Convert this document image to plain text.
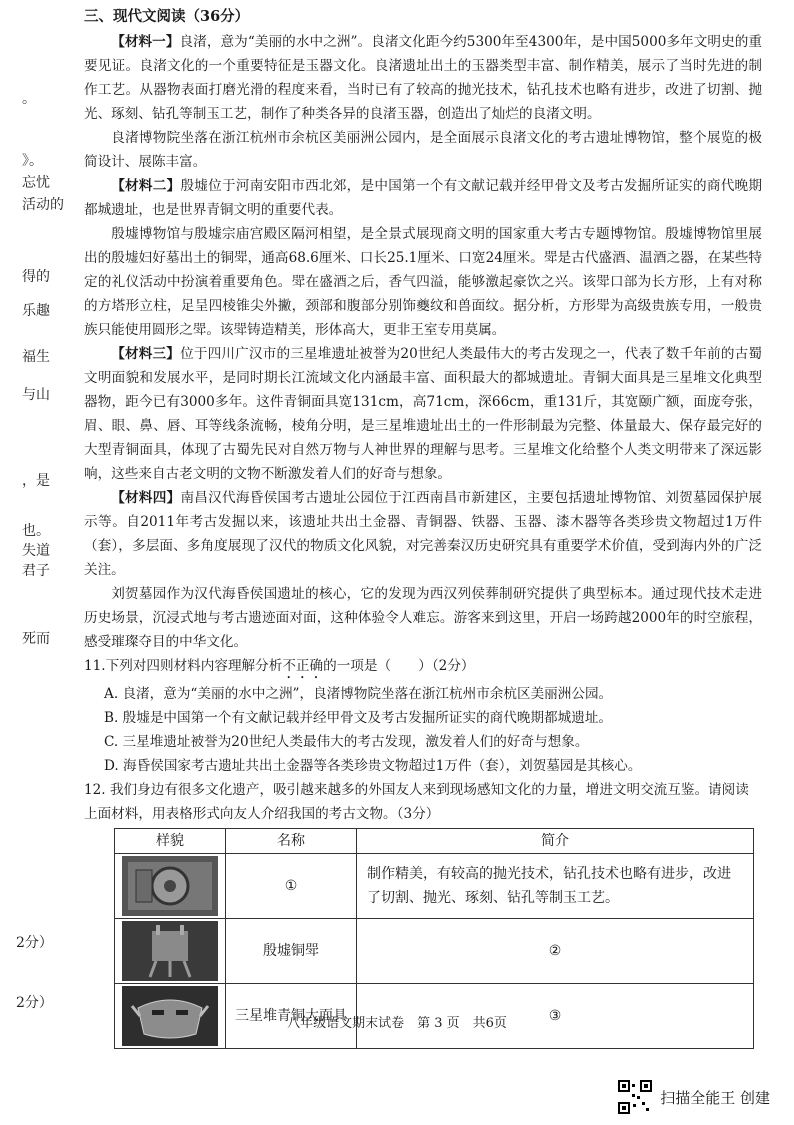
。
》。
忘忧
活动的
得的
乐趣
福生
与山
，是
也。
失道
君子
死而
2分）
2分）

三、现代文阅读（36分）

【材料一】良渚，意为“美丽的水中之洲”。良渚文化距今约5300年至4300年，是中国5000多年文明史的重要见证。良渚文化的一个重要特征是玉器文化。良渚遗址出土的玉器类型丰富、制作精美，展示了当时先进的制作工艺。从器物表面打磨光滑的程度来看，当时已有了较高的抛光技术，钻孔技术也略有进步，改进了切割、抛光、琢刻、钻孔等制玉工艺，制作了种类各异的良渚玉器，创造出了灿烂的良渚文明。

良渚博物院坐落在浙江杭州市余杭区美丽洲公园内，是全面展示良渚文化的考古遗址博物馆，整个展览的极简设计、展陈丰富。

【材料二】殷墟位于河南安阳市西北郊，是中国第一个有文献记载并经甲骨文及考古发掘所证实的商代晚期都城遗址，也是世界青铜文明的重要代表。

殷墟博物馆与殷墟宗庙宫殿区隔河相望，是全景式展现商文明的国家重大考古专题博物馆。殷墟博物馆里展出的殷墟妇好墓出土的铜斝，通高68.6厘米、口长25.1厘米、口宽24厘米。斝是古代盛酒、温酒之器，在某些特定的礼仪活动中扮演着重要角色。斝在盛酒之后，香气四溢，能够激起豪饮之兴。该斝口部为长方形，上有对称的方塔形立柱，足呈四棱锥尖外撇，颈部和腹部分别饰夔纹和兽面纹。据分析，方形斝为高级贵族专用，一般贵族只能使用圆形之斝。该斝铸造精美，形体高大，更非王室专用莫属。

【材料三】位于四川广汉市的三星堆遗址被誉为20世纪人类最伟大的考古发现之一，代表了数千年前的古蜀文明面貌和发展水平，是同时期长江流域文化内涵最丰富、面积最大的都城遗址。青铜大面具是三星堆文化典型器物，距今已有3000多年。这件青铜面具宽131cm，高71cm，深66cm，重131斤，其宽颐广额，面庞夸张，眉、眼、鼻、唇、耳等线条流畅，棱角分明，是三星堆遗址出土的一件形制最为完整、体量最大、保存最完好的大型青铜面具，体现了古蜀先民对自然万物与人神世界的理解与思考。三星堆文化给整个人类文明带来了深远影响，这些来自古老文明的文物不断激发着人们的好奇与想象。

【材料四】南昌汉代海昏侯国考古遗址公园位于江西南昌市新建区，主要包括遗址博物馆、刘贺墓园保护展示等。自2011年考古发掘以来，该遗址共出土金器、青铜器、铁器、玉器、漆木器等各类珍贵文物超过1万件（套），多层面、多角度展现了汉代的物质文化风貌，对完善秦汉历史研究具有重要学术价值，受到海内外的广泛关注。

刘贺墓园作为汉代海昏侯国遗址的核心，它的发现为西汉列侯葬制研究提供了典型标本。通过现代技术走进历史场景，沉浸式地与考古遗迹面对面，这种体验令人难忘。游客来到这里，开启一场跨越2000年的时空旅程，感受璀璨夺目的中华文化。

11.下列对四则材料内容理解分析不正确的一项是（　　）（2分）

A. 良渚，意为“美丽的水中之洲”，良渚博物院坐落在浙江杭州市余杭区美丽洲公园。

B. 殷墟是中国第一个有文献记载并经甲骨文及考古发掘所证实的商代晚期都城遗址。

C. 三星堆遗址被誉为20世纪人类最伟大的考古发现，激发着人们的好奇与想象。

D. 海昏侯国家考古遗址共出土金器等各类珍贵文物超过1万件（套），刘贺墓园是其核心。

12. 我们身边有很多文化遗产，吸引越来越多的外国友人来到现场感知文化的力量，增进文明交流互鉴。请阅读上面材料，用表格形式向友人介绍我国的考古文物。（3分）

样貌	名称	简介

	①	制作精美，有较高的抛光技术，钻孔技术也略有进步，改进了切割、抛光、琢刻、钻孔等制玉工艺。

	殷墟铜斝	②

	三星堆青铜大面具	③
八年级语文期末试卷　第 3 页　共6页
扫描全能王 创建
